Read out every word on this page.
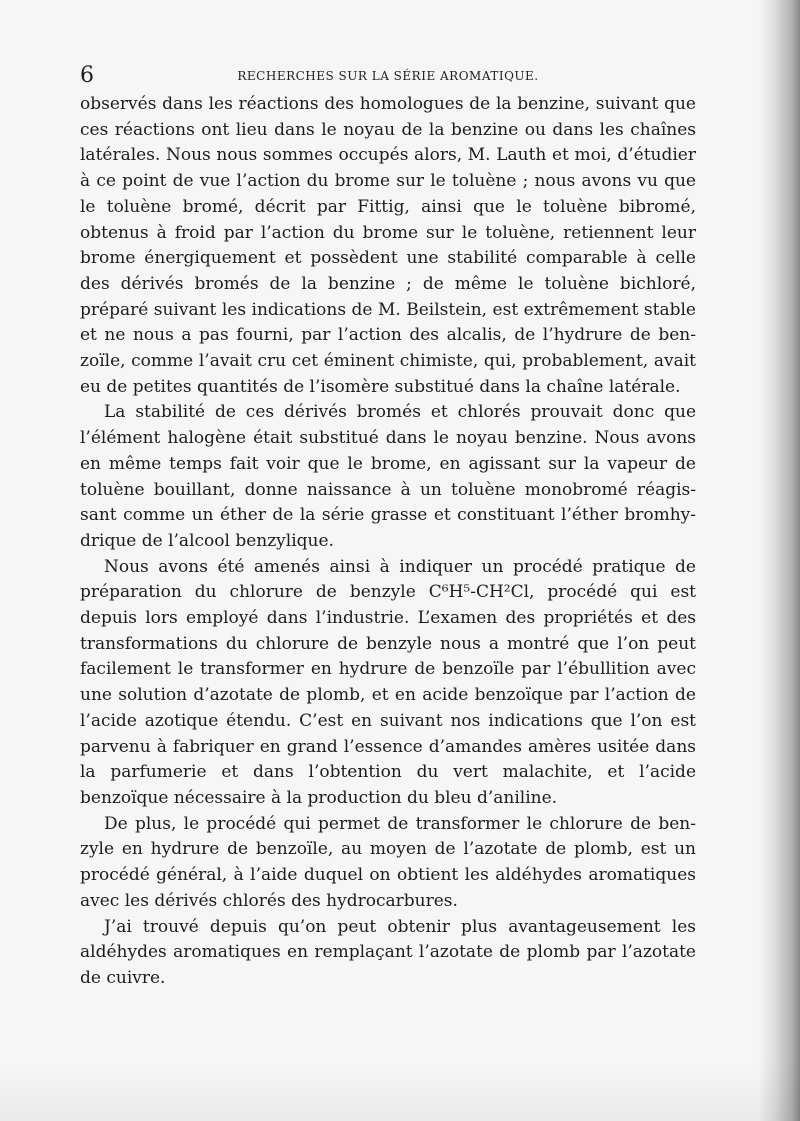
6	RECHERCHES SUR LA SÉRIE AROMATIQUE.

observés dans les réactions des homologues de la benzine, suivant que ces réactions ont lieu dans le noyau de la benzine ou dans les chaînes latérales. Nous nous sommes occupés alors, M. Lauth et moi, d’étudier à ce point de vue l’action du brome sur le toluène ; nous avons vu que le toluène bromé, décrit par Fittig, ainsi que le toluène bibromé, obtenus à froid par l’action du brome sur le toluène, retiennent leur brome énergiquement et possèdent une stabilité comparable à celle des dérivés bromés de la benzine ; de même le toluène bichloré, préparé suivant les indications de M. Beilstein, est extrêmement stable et ne nous a pas fourni, par l’action des alcalis, de l’hydrure de benzoïle, comme l’avait cru cet éminent chimiste, qui, probablement, avait eu de petites quantités de l’isomère substitué dans la chaîne latérale.

La stabilité de ces dérivés bromés et chlorés prouvait donc que l’élément halogène était substitué dans le noyau benzine. Nous avons en même temps fait voir que le brome, en agissant sur la vapeur de toluène bouillant, donne naissance à un toluène monobromé réagissant comme un éther de la série grasse et constituant l’éther bromhydrique de l’alcool benzylique.

Nous avons été amenés ainsi à indiquer un procédé pratique de préparation du chlorure de benzyle C⁶H⁵-CH²Cl, procédé qui est depuis lors employé dans l’industrie. L’examen des propriétés et des transformations du chlorure de benzyle nous a montré que l’on peut facilement le transformer en hydrure de benzoïle par l’ébullition avec une solution d’azotate de plomb, et en acide benzoïque par l’action de l’acide azotique étendu. C’est en suivant nos indications que l’on est parvenu à fabriquer en grand l’essence d’amandes amères usitée dans la parfumerie et dans l’obtention du vert malachite, et l’acide benzoïque nécessaire à la production du bleu d’aniline.

De plus, le procédé qui permet de transformer le chlorure de benzyle en hydrure de benzoïle, au moyen de l’azotate de plomb, est un procédé général, à l’aide duquel on obtient les aldéhydes aromatiques avec les dérivés chlorés des hydrocarbures.

J’ai trouvé depuis qu’on peut obtenir plus avantageusement les aldéhydes aromatiques en remplaçant l’azotate de plomb par l’azotate de cuivre.
